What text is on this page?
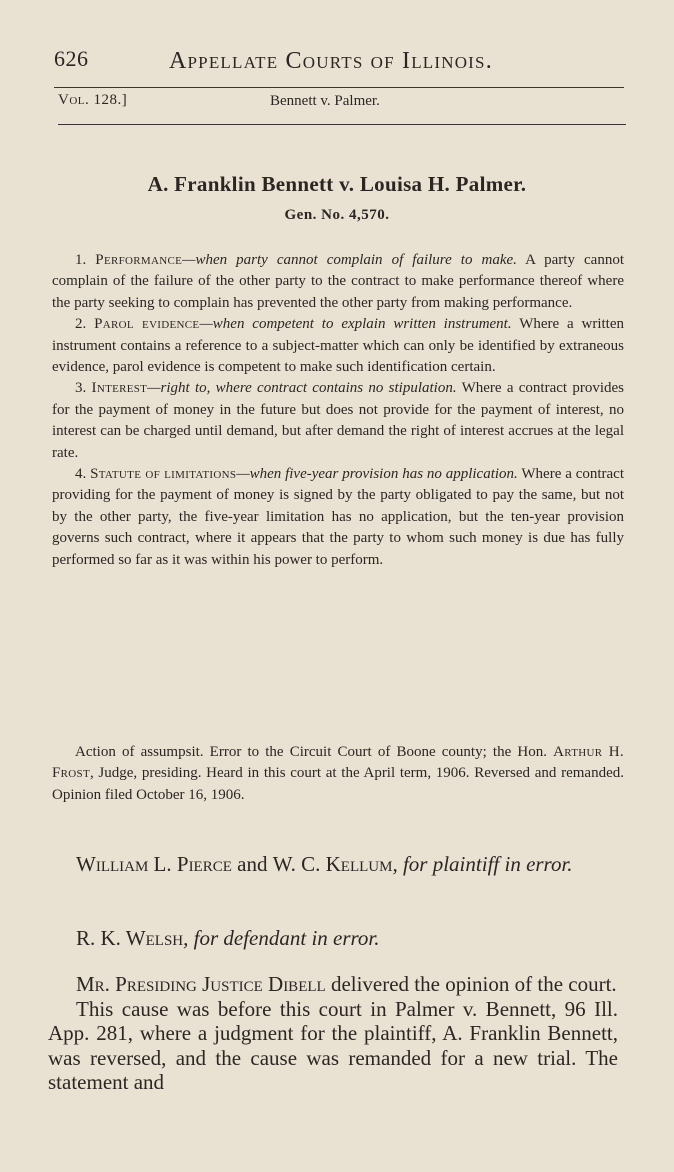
626	Appellate Courts of Illinois.
Vol. 128.]	Bennett v. Palmer.
A. Franklin Bennett v. Louisa H. Palmer.
Gen. No. 4,570.

1. Performance—when party cannot complain of failure to make. A party cannot complain of the failure of the other party to the contract to make performance thereof where the party seeking to complain has prevented the other party from making performance.

2. Parol evidence—when competent to explain written instrument. Where a written instrument contains a reference to a subject-matter which can only be identified by extraneous evidence, parol evidence is competent to make such identification certain.

3. Interest—right to, where contract contains no stipulation. Where a contract provides for the payment of money in the future but does not provide for the payment of interest, no interest can be charged until demand, but after demand the right of interest accrues at the legal rate.

4. Statute of limitations—when five-year provision has no application. Where a contract providing for the payment of money is signed by the party obligated to pay the same, but not by the other party, the five-year limitation has no application, but the ten-year provision governs such contract, where it appears that the party to whom such money is due has fully performed so far as it was within his power to perform.

Action of assumpsit. Error to the Circuit Court of Boone county; the Hon. Arthur H. Frost, Judge, presiding. Heard in this court at the April term, 1906. Reversed and remanded. Opinion filed October 16, 1906.

William L. Pierce and W. C. Kellum, for plaintiff in error.
R. K. Welsh, for defendant in error.

Mr. Presiding Justice Dibell delivered the opinion of the court.

This cause was before this court in Palmer v. Bennett, 96 Ill. App. 281, where a judgment for the plaintiff, A. Franklin Bennett, was reversed, and the cause was remanded for a new trial. The statement and
